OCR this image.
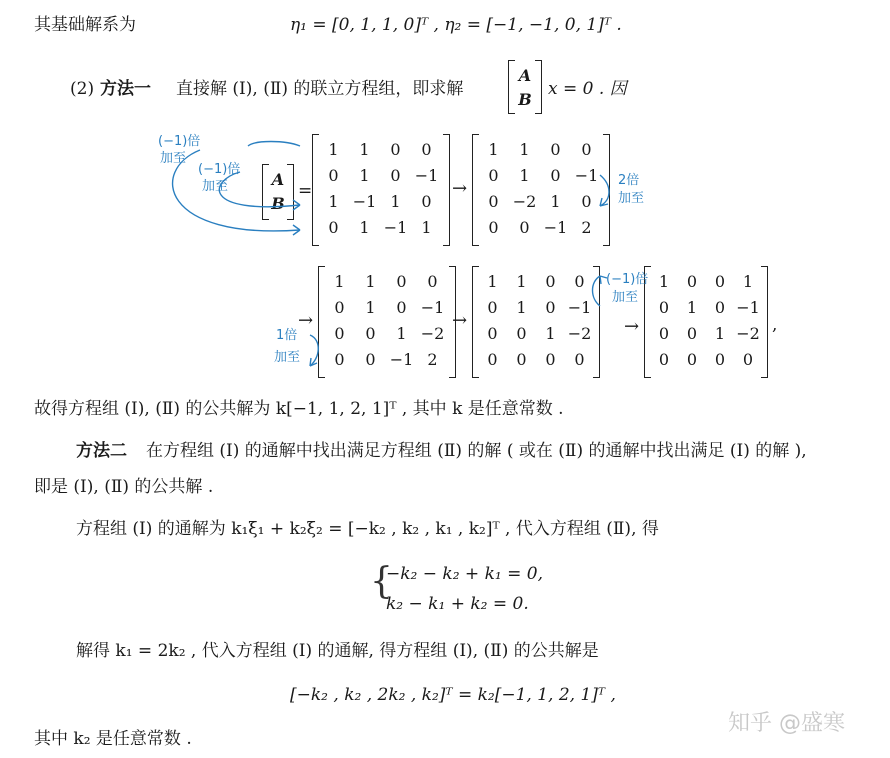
其基础解系为	η₁ = [0, 1, 1, 0]ᵀ , η₂ = [−1, −1, 0, 1]ᵀ .
(2) 方法一 直接解 (Ⅰ), (Ⅱ) 的联立方程组，即求解
A
B
x = 0 . 因
A
B
=
1	1	0	0
0	1	0 −1
1 −1 1	0
0	1 −1 1
→
1	1	0	0
0	1	0 −1
0 −2 1	0
0	0 −1 2
→
1	1	0	0
0	1	0 −1
0	0	1 −2
0	0 −1 2
→
1	1	0	0
0	1	0 −1
0	0	1 −2
0	0	0	0
→
1	0	0	1
0	1	0 −1
0	0	1 −2
0	0	0	0
,
(−1)倍
加至
(−1)倍
加至	2倍
加至
1倍
加至
(−1)倍
加至
故得方程组 (Ⅰ), (Ⅱ) 的公共解为 k[−1, 1, 2, 1]ᵀ , 其中 k 是任意常数 .
方法二 在方程组 (Ⅰ) 的通解中找出满足方程组 (Ⅱ) 的解 ( 或在 (Ⅱ) 的通解中找出满足 (Ⅰ) 的解 ),
即是 (Ⅰ), (Ⅱ) 的公共解 .
方程组 (Ⅰ) 的通解为 k₁ξ₁ + k₂ξ₂ = [−k₂ , k₂ , k₁ , k₂]ᵀ , 代入方程组 (Ⅱ), 得
{
−k₂ − k₂ + k₁ = 0,
k₂ − k₁ + k₂ = 0.
解得 k₁ = 2k₂ , 代入方程组 (Ⅰ) 的通解, 得方程组 (Ⅰ), (Ⅱ) 的公共解是
[−k₂ , k₂ , 2k₂ , k₂]ᵀ = k₂[−1, 1, 2, 1]ᵀ ,
其中 k₂ 是任意常数 .
知乎 @盛寒
